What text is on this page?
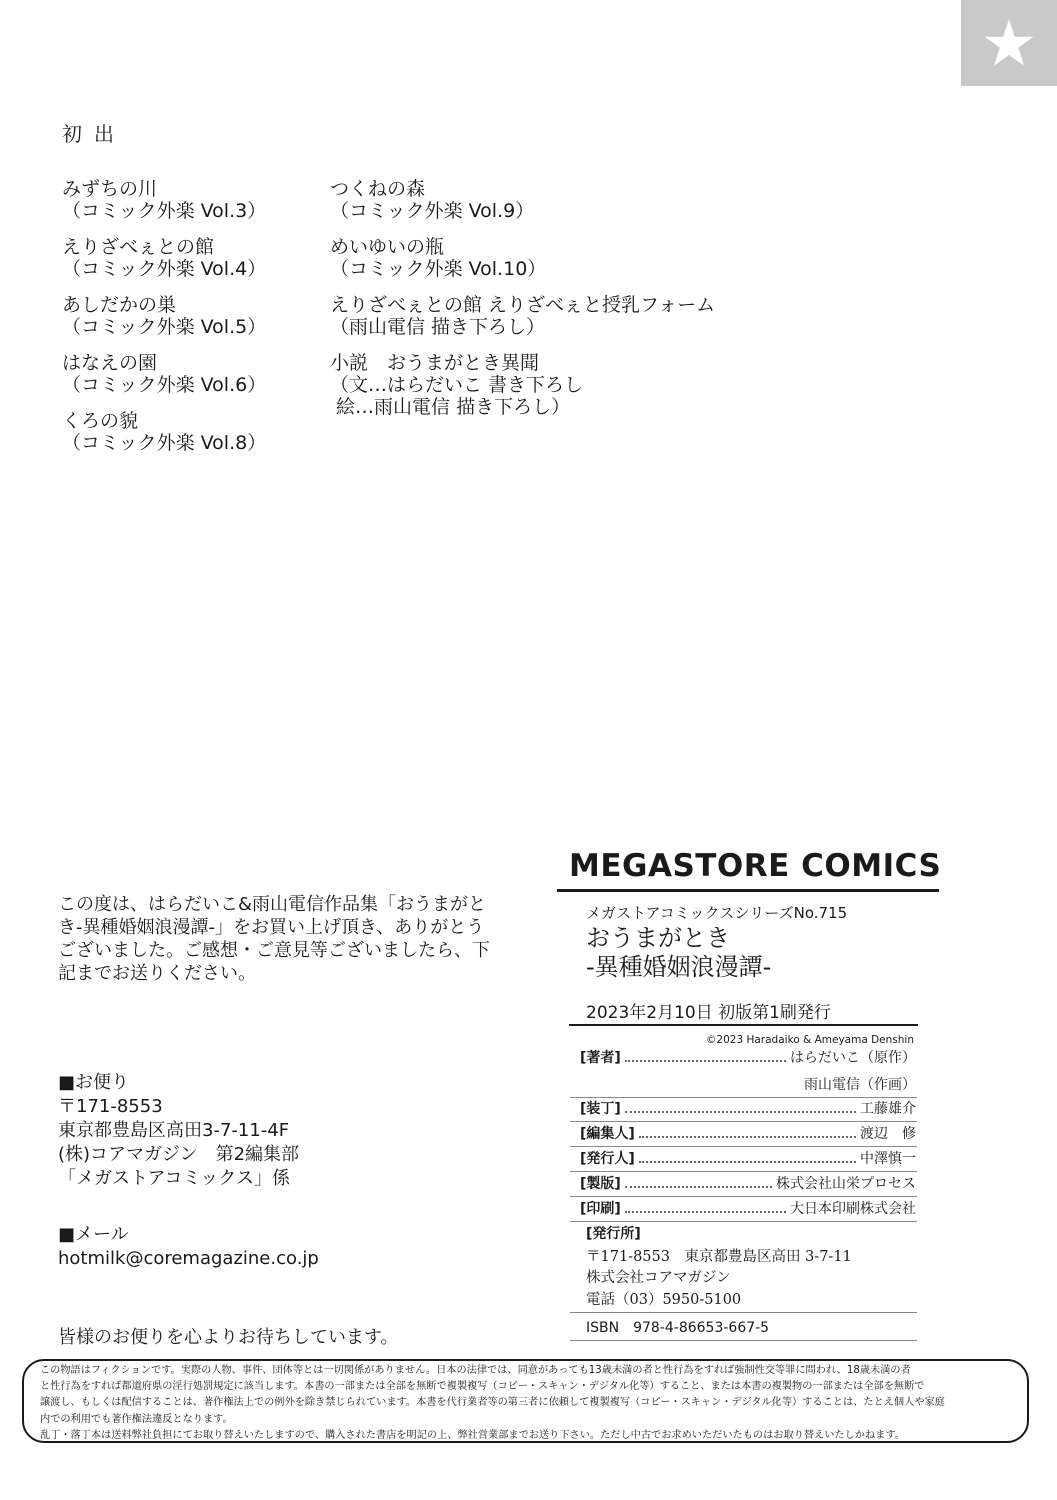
初出
みずちの川
（コミック外楽 Vol.3）
えりざべぇとの館
（コミック外楽 Vol.4）
あしだかの巣
（コミック外楽 Vol.5）
はなえの園
（コミック外楽 Vol.6）
くろの貌
（コミック外楽 Vol.8）
つくねの森
（コミック外楽 Vol.9）
めいゆいの瓶
（コミック外楽 Vol.10）
えりざべぇとの館 えりざべぇと授乳フォーム
（雨山電信 描き下ろし）
小説　おうまがとき異聞
（文…はらだいこ 書き下ろし
絵…雨山電信 描き下ろし）
この度は、はらだいこ&雨山電信作品集「おうまがとき-異種婚姻浪漫譚-」をお買い上げ頂き、ありがとうございました。ご感想・ご意見等ございましたら、下記までお送りください。
■お便り
〒171-8553
東京都豊島区高田3-7-11-4F
(株)コアマガジン　第2編集部
「メガストアコミックス」係
■メール
hotmilk@coremagazine.co.jp
皆様のお便りを心よりお待ちしています。
MEGASTORE COMICS
メガストアコミックスシリーズNo.715
おうまがとき
-異種婚姻浪漫譚-
2023年2月10日 初版第1刷発行
©2023 Haradaiko & Ameyama Denshin
[著者]	はらだいこ（原作）
雨山電信（作画）
[装丁]	工藤雄介
[編集人]	渡辺　修
[発行人]	中澤慎一
[製版]	株式会社山栄プロセス
[印刷]	大日本印刷株式会社
[発行所]
〒171-8553　東京都豊島区高田 3-7-11
株式会社コアマガジン
電話（03）5950-5100
ISBN　978-4-86653-667-5
この物語はフィクションです。実際の人物、事件、団体等とは一切関係がありません。日本の法律では、同意があっても13歳未満の者と性行為をすれば強制性交等罪に問われ、18歳未満の者
と性行為をすれば都道府県の淫行処罰規定に該当します。本書の一部または全部を無断で複製複写（コピー・スキャン・デジタル化等）すること、または本書の複製物の一部または全部を無断で
譲渡し、もしくは配信することは、著作権法上での例外を除き禁じられています。本書を代行業者等の第三者に依頼して複製複写（コピー・スキャン・デジタル化等）することは、たとえ個人や家庭
内での利用でも著作権法違反となります。
乱丁・落丁本は送料弊社負担にてお取り替えいたしますので、購入された書店を明記の上、弊社営業部までお送り下さい。ただし中古でお求めいただいたものはお取り替えいたしかねます。
